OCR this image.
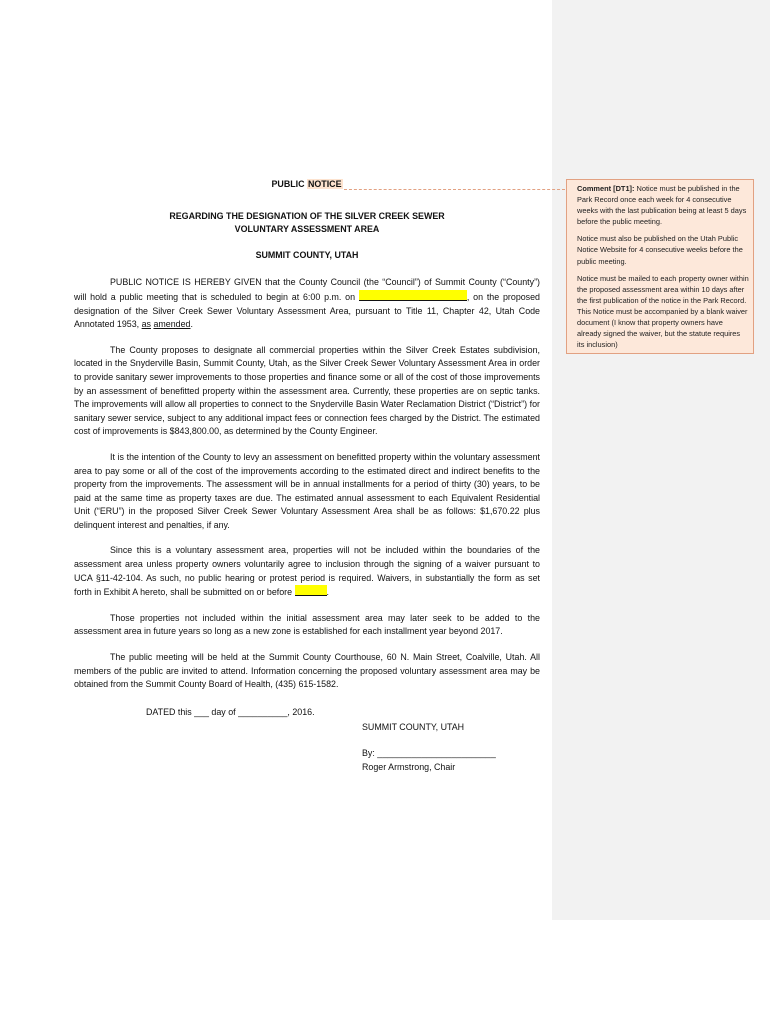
PUBLIC NOTICE
REGARDING THE DESIGNATION OF THE SILVER CREEK SEWER
VOLUNTARY ASSESSMENT AREA
SUMMIT COUNTY, UTAH

PUBLIC NOTICE IS HEREBY GIVEN that the County Council (the “Council”) of Summit County (“County”) will hold a public meeting that is scheduled to begin at 6:00 p.m. on	, on the proposed designation of the Silver Creek Sewer Voluntary Assessment Area, pursuant to Title 11, Chapter 42, Utah Code Annotated 1953, as amended.

The County proposes to designate all commercial properties within the Silver Creek Estates subdivision, located in the Snyderville Basin, Summit County, Utah, as the Silver Creek Sewer Voluntary Assessment Area in order to provide sanitary sewer improvements to those properties and finance some or all of the cost of those improvements by an assessment of benefitted property within the assessment area. Currently, these properties are on septic tanks. The improvements will allow all properties to connect to the Snyderville Basin Water Reclamation District (“District”) for sanitary sewer service, subject to any additional impact fees or connection fees charged by the District. The estimated cost of improvements is $843,800.00, as determined by the County Engineer.

It is the intention of the County to levy an assessment on benefitted property within the voluntary assessment area to pay some or all of the cost of the improvements according to the estimated direct and indirect benefits to the property from the improvements. The assessment will be in annual installments for a period of thirty (30) years, to be paid at the same time as property taxes are due. The estimated annual assessment to each Equivalent Residential Unit (“ERU”) in the proposed Silver Creek Sewer Voluntary Assessment Area shall be as follows: $1,670.22 plus delinquent interest and penalties, if any.

Since this is a voluntary assessment area, properties will not be included within the boundaries of the assessment area unless property owners voluntarily agree to inclusion through the signing of a waiver pursuant to UCA §11-42-104. As such, no public hearing or protest period is required. Waivers, in substantially the form as set forth in Exhibit A hereto, shall be submitted on or before	.

Those properties not included within the initial assessment area may later seek to be added to the assessment area in future years so long as a new zone is established for each installment year beyond 2017.

The public meeting will be held at the Summit County Courthouse, 60 N. Main Street, Coalville, Utah. All members of the public are invited to attend. Information concerning the proposed voluntary assessment area may be obtained from the Summit County Board of Health, (435) 615-1582.

DATED this ___ day of __________, 2016.
SUMMIT COUNTY, UTAH
By: ________________________
Roger Armstrong, Chair

Comment [DT1]: Notice must be published in the Park Record once each week for 4 consecutive weeks with the last publication being at least 5 days before the public meeting.

Notice must also be published on the Utah Public Notice Website for 4 consecutive weeks before the public meeting.

Notice must be mailed to each property owner within the proposed assessment area within 10 days after the first publication of the notice in the Park Record. This Notice must be accompanied by a blank waiver document (I know that property owners have already signed the waiver, but the statute requires its inclusion)
